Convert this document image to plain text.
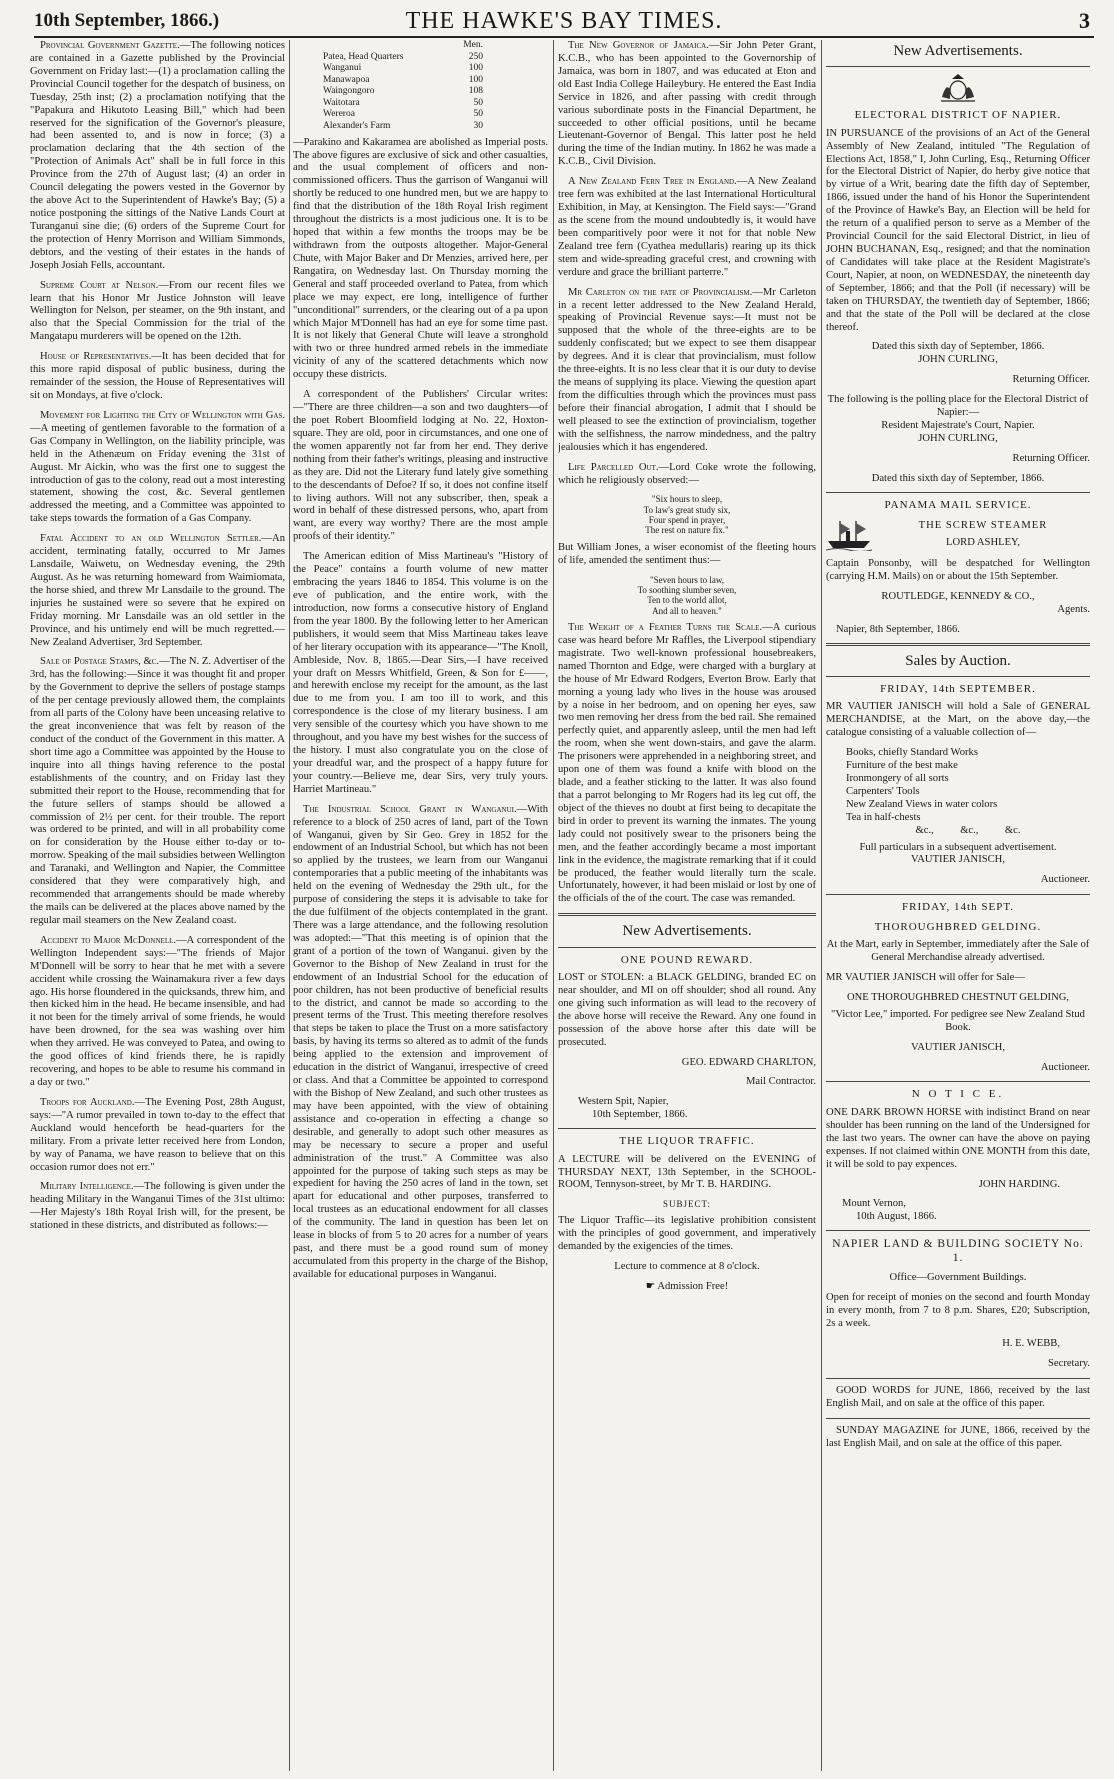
10th September, 1866.)	THE HAWKE'S BAY TIMES.	3

Provincial Government Gazette.—The following notices are contained in a Gazette published by the Provincial Government on Friday last:—(1) a proclamation calling the Provincial Council together for the despatch of business, on Tuesday, 25th inst; (2) a proclamation notifying that the "Papakura and Hikutoto Leasing Bill," which had been reserved for the signification of the Governor's pleasure, had been assented to, and is now in force; (3) a proclamation declaring that the 4th section of the "Protection of Animals Act" shall be in full force in this Province from the 27th of August last; (4) an order in Council delegating the powers vested in the Governor by the above Act to the Superintendent of Hawke's Bay; (5) a notice postponing the sittings of the Native Lands Court at Turanganui sine die; (6) orders of the Supreme Court for the protection of Henry Morrison and William Simmonds, debtors, and the vesting of their estates in the hands of Joseph Josiah Fells, accountant.

Supreme Court at Nelson.—From our recent files we learn that his Honor Mr Justice Johnston will leave Wellington for Nelson, per steamer, on the 9th instant, and also that the Special Commission for the trial of the Mangatapu murderers will be opened on the 12th.

House of Representatives.—It has been decided that for this more rapid disposal of public business, during the remainder of the session, the House of Representatives will sit on Mondays, at five o'clock.

Movement for Lighting the City of Wellington with Gas.—A meeting of gentlemen favorable to the formation of a Gas Company in Wellington, on the liability principle, was held in the Athenæum on Friday evening the 31st of August. Mr Aickin, who was the first one to suggest the introduction of gas to the colony, read out a most interesting statement, showing the cost, &c. Several gentlemen addressed the meeting, and a Committee was appointed to take steps towards the formation of a Gas Company.

Fatal Accident to an old Wellington Settler.—An accident, terminating fatally, occurred to Mr James Lansdaile, Waiwetu, on Wednesday evening, the 29th August. As he was returning homeward from Waimiomata, the horse shied, and threw Mr Lansdaile to the ground. The injuries he sustained were so severe that he expired on Friday morning. Mr Lansdaile was an old settler in the Province, and his untimely end will be much regretted.—New Zealand Advertiser, 3rd September.

Sale of Postage Stamps, &c.—The N. Z. Advertiser of the 3rd, has the following:—Since it was thought fit and proper by the Government to deprive the sellers of postage stamps of the per centage previously allowed them, the complaints from all parts of the Colony have been unceasing relative to the great inconvenience that was felt by reason of the conduct of the conduct of the Government in this matter. A short time ago a Committee was appointed by the House to inquire into all things having reference to the postal establishments of the country, and on Friday last they submitted their report to the House, recommending that for the future sellers of stamps should be allowed a commission of 2½ per cent. for their trouble. The report was ordered to be printed, and will in all probability come on for consideration by the House either to-day or to-morrow. Speaking of the mail subsidies between Wellington and Taranaki, and Wellington and Napier, the Committee considered that they were comparatively high, and recommended that arrangements should be made whereby the mails can be delivered at the places above named by the regular mail steamers on the New Zealand coast.

Accident to Major McDonnell.—A correspondent of the Wellington Independent says:—"The friends of Major M'Donnell will be sorry to hear that he met with a severe accident while crossing the Wainamakura river a few days ago. His horse floundered in the quicksands, threw him, and then kicked him in the head. He became insensible, and had it not been for the timely arrival of some friends, he would have been drowned, for the sea was washing over him when they arrived. He was conveyed to Patea, and owing to the good offices of kind friends there, he is rapidly recovering, and hopes to be able to resume his command in a day or two."

Troops for Auckland.—The Evening Post, 28th August, says:—"A rumor prevailed in town to-day to the effect that Auckland would henceforth be head-quarters for the military. From a private letter received here from London, by way of Panama, we have reason to believe that on this occasion rumor does not err."

Military Intelligence.—The following is given under the heading Military in the Wanganui Times of the 31st ultimo:—Her Majesty's 18th Royal Irish will, for the present, be stationed in these districts, and distributed as follows:—

Men.
Patea, Head Quarters	250
Wanganui	100
Manawapoa	100
Waingongoro	108
Waitotara	50
Wereroa	50
Alexander's Farm	30

—Parakino and Kakaramea are abolished as Imperial posts. The above figures are exclusive of sick and other casualties, and the usual complement of officers and non-commissioned officers. Thus the garrison of Wanganui will shortly be reduced to one hundred men, but we are happy to find that the distribution of the 18th Royal Irish regiment throughout the districts is a most judicious one. It is to be hoped that within a few months the troops may be be withdrawn from the outposts altogether. Major-General Chute, with Major Baker and Dr Menzies, arrived here, per Rangatira, on Wednesday last. On Thursday morning the General and staff proceeded overland to Patea, from which place we may expect, ere long, intelligence of further "unconditional" surrenders, or the clearing out of a pa upon which Major M'Donnell has had an eye for some time past. It is not likely that General Chute will leave a stronghold with two or three hundred armed rebels in the immediate vicinity of any of the scattered detachments which now occupy these districts.

A correspondent of the Publishers' Circular writes:—"There are three children—a son and two daughters—of the poet Robert Bloomfield lodging at No. 22, Hoxton-square. They are old, poor in circumstances, and one one of the women apparently not far from her end. They derive nothing from their father's writings, pleasing and instructive as they are. Did not the Literary fund lately give something to the descendants of Defoe? If so, it does not confine itself to living authors. Will not any subscriber, then, speak a word in behalf of these distressed persons, who, apart from want, are every way worthy? There are the most ample proofs of their identity."

The American edition of Miss Martineau's "History of the Peace" contains a fourth volume of new matter embracing the years 1846 to 1854. This volume is on the eve of publication, and the entire work, with the introduction, now forms a consecutive history of England from the year 1800. By the following letter to her American publishers, it would seem that Miss Martineau takes leave of her literary occupation with its appearance—"The Knoll, Ambleside, Nov. 8, 1865.—Dear Sirs,—I have received your draft on Messrs Whitfield, Green, & Son for £——, and herewith enclose my receipt for the amount, as the last due to me from you. I am too ill to work, and this correspondence is the close of my literary business. I am very sensible of the courtesy which you have shown to me throughout, and you have my best wishes for the success of the history. I must also congratulate you on the close of your dreadful war, and the prospect of a happy future for your country.—Believe me, dear Sirs, very truly yours. Harriet Martineau."

The Industrial School Grant in Wanganui.—With reference to a block of 250 acres of land, part of the Town of Wanganui, given by Sir Geo. Grey in 1852 for the endowment of an Industrial School, but which has not been so applied by the trustees, we learn from our Wanganui contemporaries that a public meeting of the inhabitants was held on the evening of Wednesday the 29th ult., for the purpose of considering the steps it is advisable to take for the due fulfilment of the objects contemplated in the grant. There was a large attendance, and the following resolution was adopted:—"That this meeting is of opinion that the grant of a portion of the town of Wanganui. given by the Governor to the Bishop of New Zealand in trust for the endowment of an Industrial School for the education of poor children, has not been productive of beneficial results to the district, and cannot be made so according to the present terms of the Trust. This meeting therefore resolves that steps be taken to place the Trust on a more satisfactory basis, by having its terms so altered as to admit of the funds being applied to the extension and improvement of education in the district of Wanganui, irrespective of creed or class. And that a Committee be appointed to correspond with the Bishop of New Zealand, and such other trustees as may have been appointed, with the view of obtaining assistance and co-operation in effecting a change so desirable, and generally to adopt such other measures as may be necessary to secure a proper and useful administration of the trust." A Committee was also appointed for the purpose of taking such steps as may be expedient for having the 250 acres of land in the town, set apart for educational and other purposes, transferred to local trustees as an educational endowment for all classes of the community. The land in question has been let on lease in blocks of from 5 to 20 acres for a number of years past, and there must be a good round sum of money accumulated from this property in the charge of the Bishop, available for educational purposes in Wanganui.

The New Governor of Jamaica.—Sir John Peter Grant, K.C.B., who has been appointed to the Governorship of Jamaica, was born in 1807, and was educated at Eton and old East India College Haileybury. He entered the East India Service in 1826, and after passing with credit through various subordinate posts in the Financial Department, he succeeded to other official positions, until he became Lieutenant-Governor of Bengal. This latter post he held during the time of the Indian mutiny. In 1862 he was made a K.C.B., Civil Division.

A New Zealand Fern Tree in England.—A New Zealand tree fern was exhibited at the last International Horticultural Exhibition, in May, at Kensington. The Field says:—"Grand as the scene from the mound undoubtedly is, it would have been comparitively poor were it not for that noble New Zealand tree fern (Cyathea medullaris) rearing up its thick stem and wide-spreading graceful crest, and crowning with verdure and grace the brilliant parterre."

Mr Carleton on the fate of Provincialism.—Mr Carleton in a recent letter addressed to the New Zealand Herald, speaking of Provincial Revenue says:—It must not be supposed that the whole of the three-eights are to be suddenly confiscated; but we expect to see them disappear by degrees. And it is clear that provincialism, must follow the three-eights. It is no less clear that it is our duty to devise the means of supplying its place. Viewing the question apart from the difficulties through which the provinces must pass before their financial abrogation, I admit that I should be well pleased to see the extinction of provincialism, together with the selfishness, the narrow mindedness, and the paltry jealousies which it has engendered.

Life Parcelled Out.—Lord Coke wrote the following, which he religiously observed:—

"Six hours to sleep,
To law's great study six,
Four spend in prayer,
The rest on nature fix."

But William Jones, a wiser economist of the fleeting hours of life, amended the sentiment thus:—

"Seven hours to law,
To soothing slumber seven,
Ten to the world allot,
And all to heaven."

The Weight of a Feather Turns the Scale.—A curious case was heard before Mr Raffles, the Liverpool stipendiary magistrate. Two well-known professional housebreakers, named Thornton and Edge, were charged with a burglary at the house of Mr Edward Rodgers, Everton Brow. Early that morning a young lady who lives in the house was aroused by a noise in her bedroom, and on opening her eyes, saw two men removing her dress from the bed rail. She remained perfectly quiet, and apparently asleep, until the men had left the room, when she went down-stairs, and gave the alarm. The prisoners were apprehended in a neighboring street, and upon one of them was found a knife with blood on the blade, and a feather sticking to the latter. It was also found that a parrot belonging to Mr Rogers had its leg cut off, the object of the thieves no doubt at first being to decapitate the bird in order to prevent its warning the inmates. The young lady could not positively swear to the prisoners being the men, and the feather accordingly became a most important link in the evidence, the magistrate remarking that if it could be produced, the feather would literally turn the scale. Unfortunately, however, it had been mislaid or lost by one of the officials of the of the court. The case was remanded.

New Advertisements.
ONE POUND REWARD.

LOST or STOLEN: a BLACK GELDING, branded EC on near shoulder, and MI on off shoulder; shod all round. Any one giving such information as will lead to the recovery of the above horse will receive the Reward. Any one found in possession of the above horse after this date will be prosecuted.

GEO. EDWARD CHARLTON,

Mail Contractor.

Western Spit, Napier,

10th September, 1866.

THE LIQUOR TRAFFIC.

A LECTURE will be delivered on the EVENING of THURSDAY NEXT, 13th September, in the SCHOOL-ROOM, Tennyson-street, by Mr T. B. HARDING.

SUBJECT:

The Liquor Traffic—its legislative prohibition consistent with the principles of good government, and imperatively demanded by the exigencies of the times.

Lecture to commence at 8 o'clock.

☛ Admission Free!

New Advertisements.
ELECTORAL DISTRICT OF NAPIER.

IN PURSUANCE of the provisions of an Act of the General Assembly of New Zealand, intituled "The Regulation of Elections Act, 1858," I, John Curling, Esq., Returning Officer for the Electoral District of Napier, do herby give notice that by virtue of a Writ, bearing date the fifth day of September, 1866, issued under the hand of his Honor the Superintendent of the Province of Hawke's Bay, an Election will be held for the return of a qualified person to serve as a Member of the Provincial Council for the said Electoral District, in lieu of JOHN BUCHANAN, Esq., resigned; and that the nomination of Candidates will take place at the Resident Magistrate's Court, Napier, at noon, on WEDNESDAY, the nineteenth day of September, 1866; and that the Poll (if necessary) will be taken on THURSDAY, the twentieth day of September, 1866; and that the state of the Poll will be declared at the close thereof.

Dated this sixth day of September, 1866.

JOHN CURLING,

Returning Officer.

The following is the polling place for the Electoral District of Napier:—

Resident Majestrate's Court, Napier.

JOHN CURLING,

Returning Officer.

Dated this sixth day of September, 1866.

PANAMA MAIL SERVICE.

THE SCREW STEAMER

LORD ASHLEY,

Captain Ponsonby, will be despatched for Wellington (carrying H.M. Mails) on or about the 15th September.

ROUTLEDGE, KENNEDY & CO.,

Agents.

Napier, 8th September, 1866.

Sales by Auction.
FRIDAY, 14th SEPTEMBER.

MR VAUTIER JANISCH will hold a Sale of GENERAL MERCHANDISE, at the Mart, on the above day,—the catalogue consisting of a valuable collection of—

Books, chiefly Standard Works
Furniture of the best make
Ironmongery of all sorts
Carpenters' Tools
New Zealand Views in water colors
Tea in half-chests
&c.,          &c.,          &c.

Full particulars in a subsequent advertisement.

VAUTIER JANISCH,

Auctioneer.

FRIDAY, 14th SEPT.
THOROUGHBRED GELDING.

At the Mart, early in September, immediately after the Sale of General Merchandise already advertised.

MR VAUTIER JANISCH will offer for Sale—

ONE THOROUGHBRED CHESTNUT GELDING,

"Victor Lee," imported. For pedigree see New Zealand Stud Book.

VAUTIER JANISCH,

Auctioneer.

N O T I C E.

ONE DARK BROWN HORSE with indistinct Brand on near shoulder has been running on the land of the Undersigned for the last two years. The owner can have the above on paying expenses. If not claimed within ONE MONTH from this date, it will be sold to pay expences.

JOHN HARDING.

Mount Vernon,

10th August, 1866.

NAPIER LAND & BUILDING SOCIETY No. 1.

Office—Government Buildings.

Open for receipt of monies on the second and fourth Monday in every month, from 7 to 8 p.m. Shares, £20; Subscription, 2s a week.

H. E. WEBB,

Secretary.

GOOD WORDS for JUNE, 1866, received by the last English Mail, and on sale at the office of this paper.

SUNDAY MAGAZINE for JUNE, 1866, received by the last English Mail, and on sale at the office of this paper.
